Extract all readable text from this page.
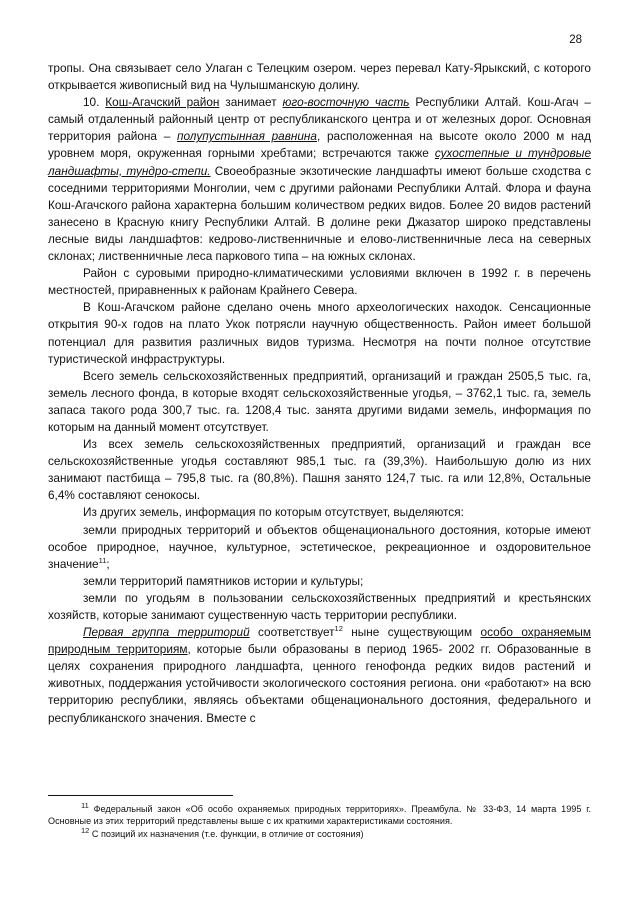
28

тропы. Она связывает село Улаган с Телецким озером. через перевал Кату-Ярыкский, с которого открывается живописный вид на Чулышманскую долину.

10. Кош-Агачский район занимает юго-восточную часть Республики Алтай. Кош-Агач – самый отдаленный районный центр от республиканского центра и от железных дорог. Основная территория района – полупустынная равнина, расположенная на высоте около 2000 м над уровнем моря, окруженная горными хребтами; встречаются также сухостепные и тундровые ландшафты, тундро-степи. Своеобразные экзотические ландшафты имеют больше сходства с соседними территориями Монголии, чем с другими районами Республики Алтай. Флора и фауна Кош-Агачского района характерна большим количеством редких видов. Более 20 видов растений занесено в Красную книгу Республики Алтай. В долине реки Джазатор широко представлены лесные виды ландшафтов: кедрово-лиственничные и елово-лиственничные леса на северных склонах; лиственничные леса паркового типа – на южных склонах.

Район с суровыми природно-климатическими условиями включен в 1992 г. в перечень местностей, приравненных к районам Крайнего Севера.

В Кош-Агачском районе сделано очень много археологических находок. Сенсационные открытия 90-х годов на плато Укок потрясли научную общественность. Район имеет большой потенциал для развития различных видов туризма. Несмотря на почти полное отсутствие туристической инфраструктуры.

Всего земель сельскохозяйственных предприятий, организаций и граждан 2505,5 тыс. га, земель лесного фонда, в которые входят сельскохозяйственные угодья, – 3762,1 тыс. га, земель запаса такого рода 300,7 тыс. га. 1208,4 тыс. занята другими видами земель, информация по которым на данный момент отсутствует.

Из всех земель сельскохозяйственных предприятий, организаций и граждан все сельскохозяйственные угодья составляют 985,1 тыс. га (39,3%). Наибольшую долю из них занимают пастбища – 795,8 тыс. га (80,8%). Пашня занято 124,7 тыс. га или 12,8%, Остальные 6,4% составляют сенокосы.

Из других земель, информация по которым отсутствует, выделяются:

земли природных территорий и объектов общенационального достояния, которые имеют особое природное, научное, культурное, эстетическое, рекреационное и оздоровительное значение$^{11}$;

земли территорий памятников истории и культуры;

земли по угодьям в пользовании сельскохозяйственных предприятий и крестьянских хозяйств, которые занимают существенную часть территории республики.

Первая группа территорий соответствует$^{12}$ ныне существующим особо охраняемым природным территориям, которые были образованы в период 1965- 2002 гг. Образованные в целях сохранения природного ландшафта, ценного генофонда редких видов растений и животных, поддержания устойчивости экологического состояния региона. они «работают» на всю территорию республики, являясь объектами общенационального достояния, федерального и республиканского значения. Вместе с

$^{11}$ Федеральный закон «Об особо охраняемых природных территориях». Преамбула. № 33-ФЗ, 14 марта 1995 г. Основные из этих территорий представлены выше с их краткими характеристиками состояния.

$^{12}$ С позиций их назначения (т.е. функции, в отличие от состояния)
